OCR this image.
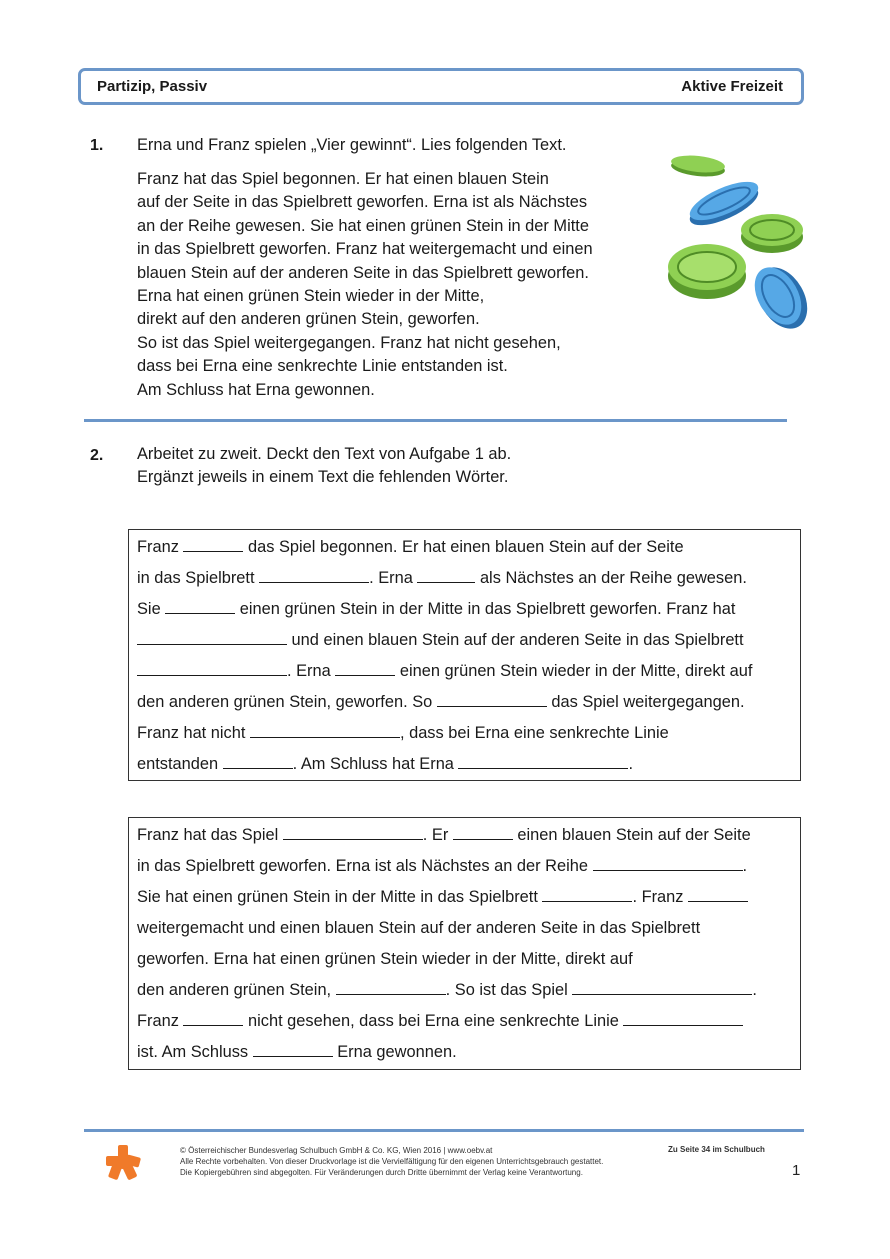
Partizip, Passiv	Aktive Freizeit
1. Erna und Franz spielen „Vier gewinnt“. Lies folgenden Text.

Franz hat das Spiel begonnen. Er hat einen blauen Stein
auf der Seite in das Spielbrett geworfen. Erna ist als Nächstes
an der Reihe gewesen. Sie hat einen grünen Stein in der Mitte
in das Spielbrett geworfen. Franz hat weitergemacht und einen
blauen Stein auf der anderen Seite in das Spielbrett geworfen.
Erna hat einen grünen Stein wieder in der Mitte,
direkt auf den anderen grünen Stein, geworfen.
So ist das Spiel weitergegangen. Franz hat nicht gesehen,
dass bei Erna eine senkrechte Linie entstanden ist.
Am Schluss hat Erna gewonnen.
2. Arbeitet zu zweit. Deckt den Text von Aufgabe 1 ab.
Ergänzt jeweils in einem Text die fehlenden Wörter.
Franz	das Spiel begonnen. Er hat einen blauen Stein auf der Seite
in das Spielbrett	. Erna	als Nächstes an der Reihe gewesen.
Sie	einen grünen Stein in der Mitte in das Spielbrett geworfen. Franz hat
und einen blauen Stein auf der anderen Seite in das Spielbrett
. Erna	einen grünen Stein wieder in der Mitte, direkt auf
den anderen grünen Stein, geworfen. So	das Spiel weitergegangen.
Franz hat nicht	, dass bei Erna eine senkrechte Linie
entstanden	. Am Schluss hat Erna	.
Franz hat das Spiel	. Er	einen blauen Stein auf der Seite
in das Spielbrett geworfen. Erna ist als Nächstes an der Reihe	.
Sie hat einen grünen Stein in der Mitte in das Spielbrett	. Franz
weitergemacht und einen blauen Stein auf der anderen Seite in das Spielbrett
geworfen. Erna hat einen grünen Stein wieder in der Mitte, direkt auf
den anderen grünen Stein,	. So ist das Spiel	.
Franz	nicht gesehen, dass bei Erna eine senkrechte Linie
ist. Am Schluss	Erna gewonnen.
© Österreichischer Bundesverlag Schulbuch GmbH & Co. KG, Wien 2016 | www.oebv.at
Alle Rechte vorbehalten. Von dieser Druckvorlage ist die Vervielfältigung für den eigenen Unterrichtsgebrauch gestattet.
Die Kopiergebühren sind abgegolten. Für Veränderungen durch Dritte übernimmt der Verlag keine Verantwortung.
Zu Seite 34 im Schulbuch
1
